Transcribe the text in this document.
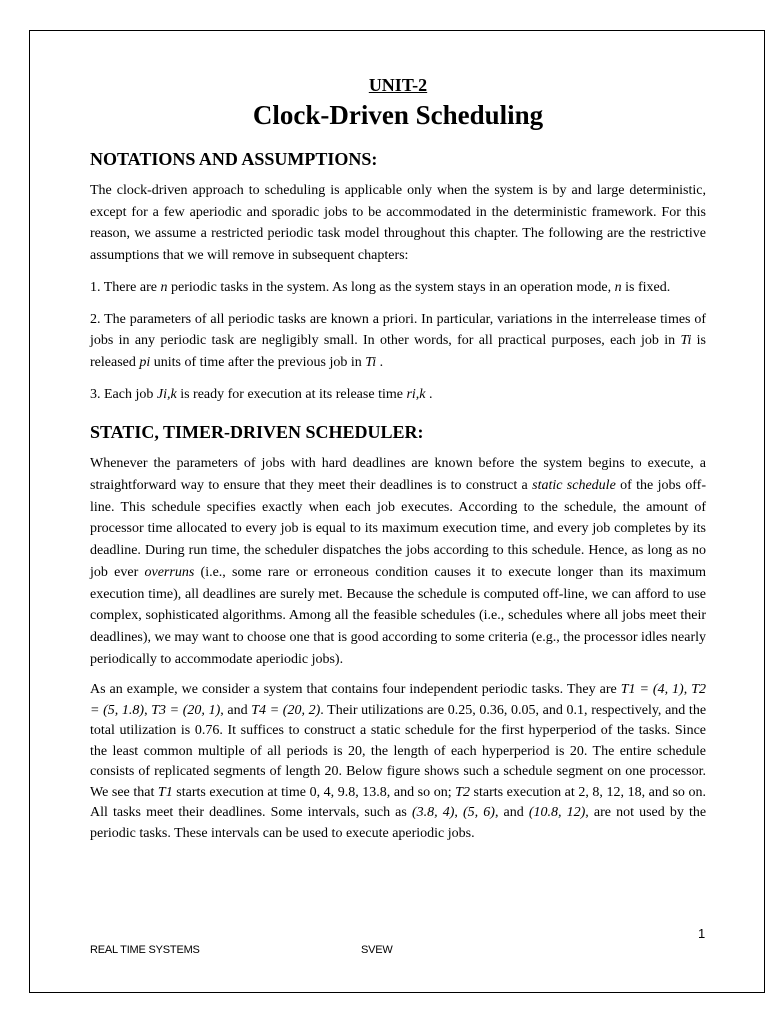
UNIT-2

Clock-Driven Scheduling

NOTATIONS AND ASSUMPTIONS:

The clock-driven approach to scheduling is applicable only when the system is by and large deterministic, except for a few aperiodic and sporadic jobs to be accommodated in the deterministic framework. For this reason, we assume a restricted periodic task model throughout this chapter. The following are the restrictive assumptions that we will remove in subsequent chapters:

1. There are n periodic tasks in the system. As long as the system stays in an operation mode, n is fixed.

2. The parameters of all periodic tasks are known a priori. In particular, variations in the interrelease times of jobs in any periodic task are negligibly small. In other words, for all practical purposes, each job in Ti is released pi units of time after the previous job in Ti .

3. Each job Ji,k is ready for execution at its release time ri,k .

STATIC, TIMER-DRIVEN SCHEDULER:

Whenever the parameters of jobs with hard deadlines are known before the system begins to execute, a straightforward way to ensure that they meet their deadlines is to construct a static schedule of the jobs off-line. This schedule specifies exactly when each job executes. According to the schedule, the amount of processor time allocated to every job is equal to its maximum execution time, and every job completes by its deadline. During run time, the scheduler dispatches the jobs according to this schedule. Hence, as long as no job ever overruns (i.e., some rare or erroneous condition causes it to execute longer than its maximum execution time), all deadlines are surely met. Because the schedule is computed off-line, we can afford to use complex, sophisticated algorithms. Among all the feasible schedules (i.e., schedules where all jobs meet their deadlines), we may want to choose one that is good according to some criteria (e.g., the processor idles nearly periodically to accommodate aperiodic jobs).

As an example, we consider a system that contains four independent periodic tasks. They are T1 = (4, 1), T2 = (5, 1.8), T3 = (20, 1), and T4 = (20, 2). Their utilizations are 0.25, 0.36, 0.05, and 0.1, respectively, and the total utilization is 0.76. It suffices to construct a static schedule for the first hyperperiod of the tasks. Since the least common multiple of all periods is 20, the length of each hyperperiod is 20. The entire schedule consists of replicated segments of length 20. Below figure shows such a schedule segment on one processor. We see that T1 starts execution at time 0, 4, 9.8, 13.8, and so on; T2 starts execution at 2, 8, 12, 18, and so on. All tasks meet their deadlines. Some intervals, such as (3.8, 4), (5, 6), and (10.8, 12), are not used by the periodic tasks. These intervals can be used to execute aperiodic jobs.

1
REAL TIME SYSTEMS	SVEW
